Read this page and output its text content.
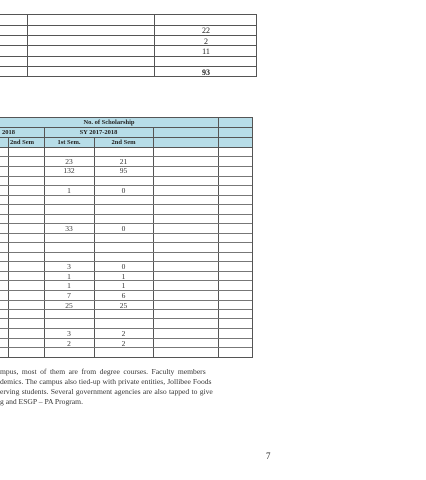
22
2
11
93
No. of Scholarship
2018	SY 2017-2018
2nd Sem	1st Sem.	2nd Sem
23	21
132	95
1	0
33	0
3	0
1	1
1	1
7	6
25	25
3	2
2	2
mpus, most of them are from degree courses. Faculty members
demics. The campus also tied-up with private entities, Jollibee Foods
erving students. Several government agencies are also tapped to give
g and ESGP – PA Program.
7
